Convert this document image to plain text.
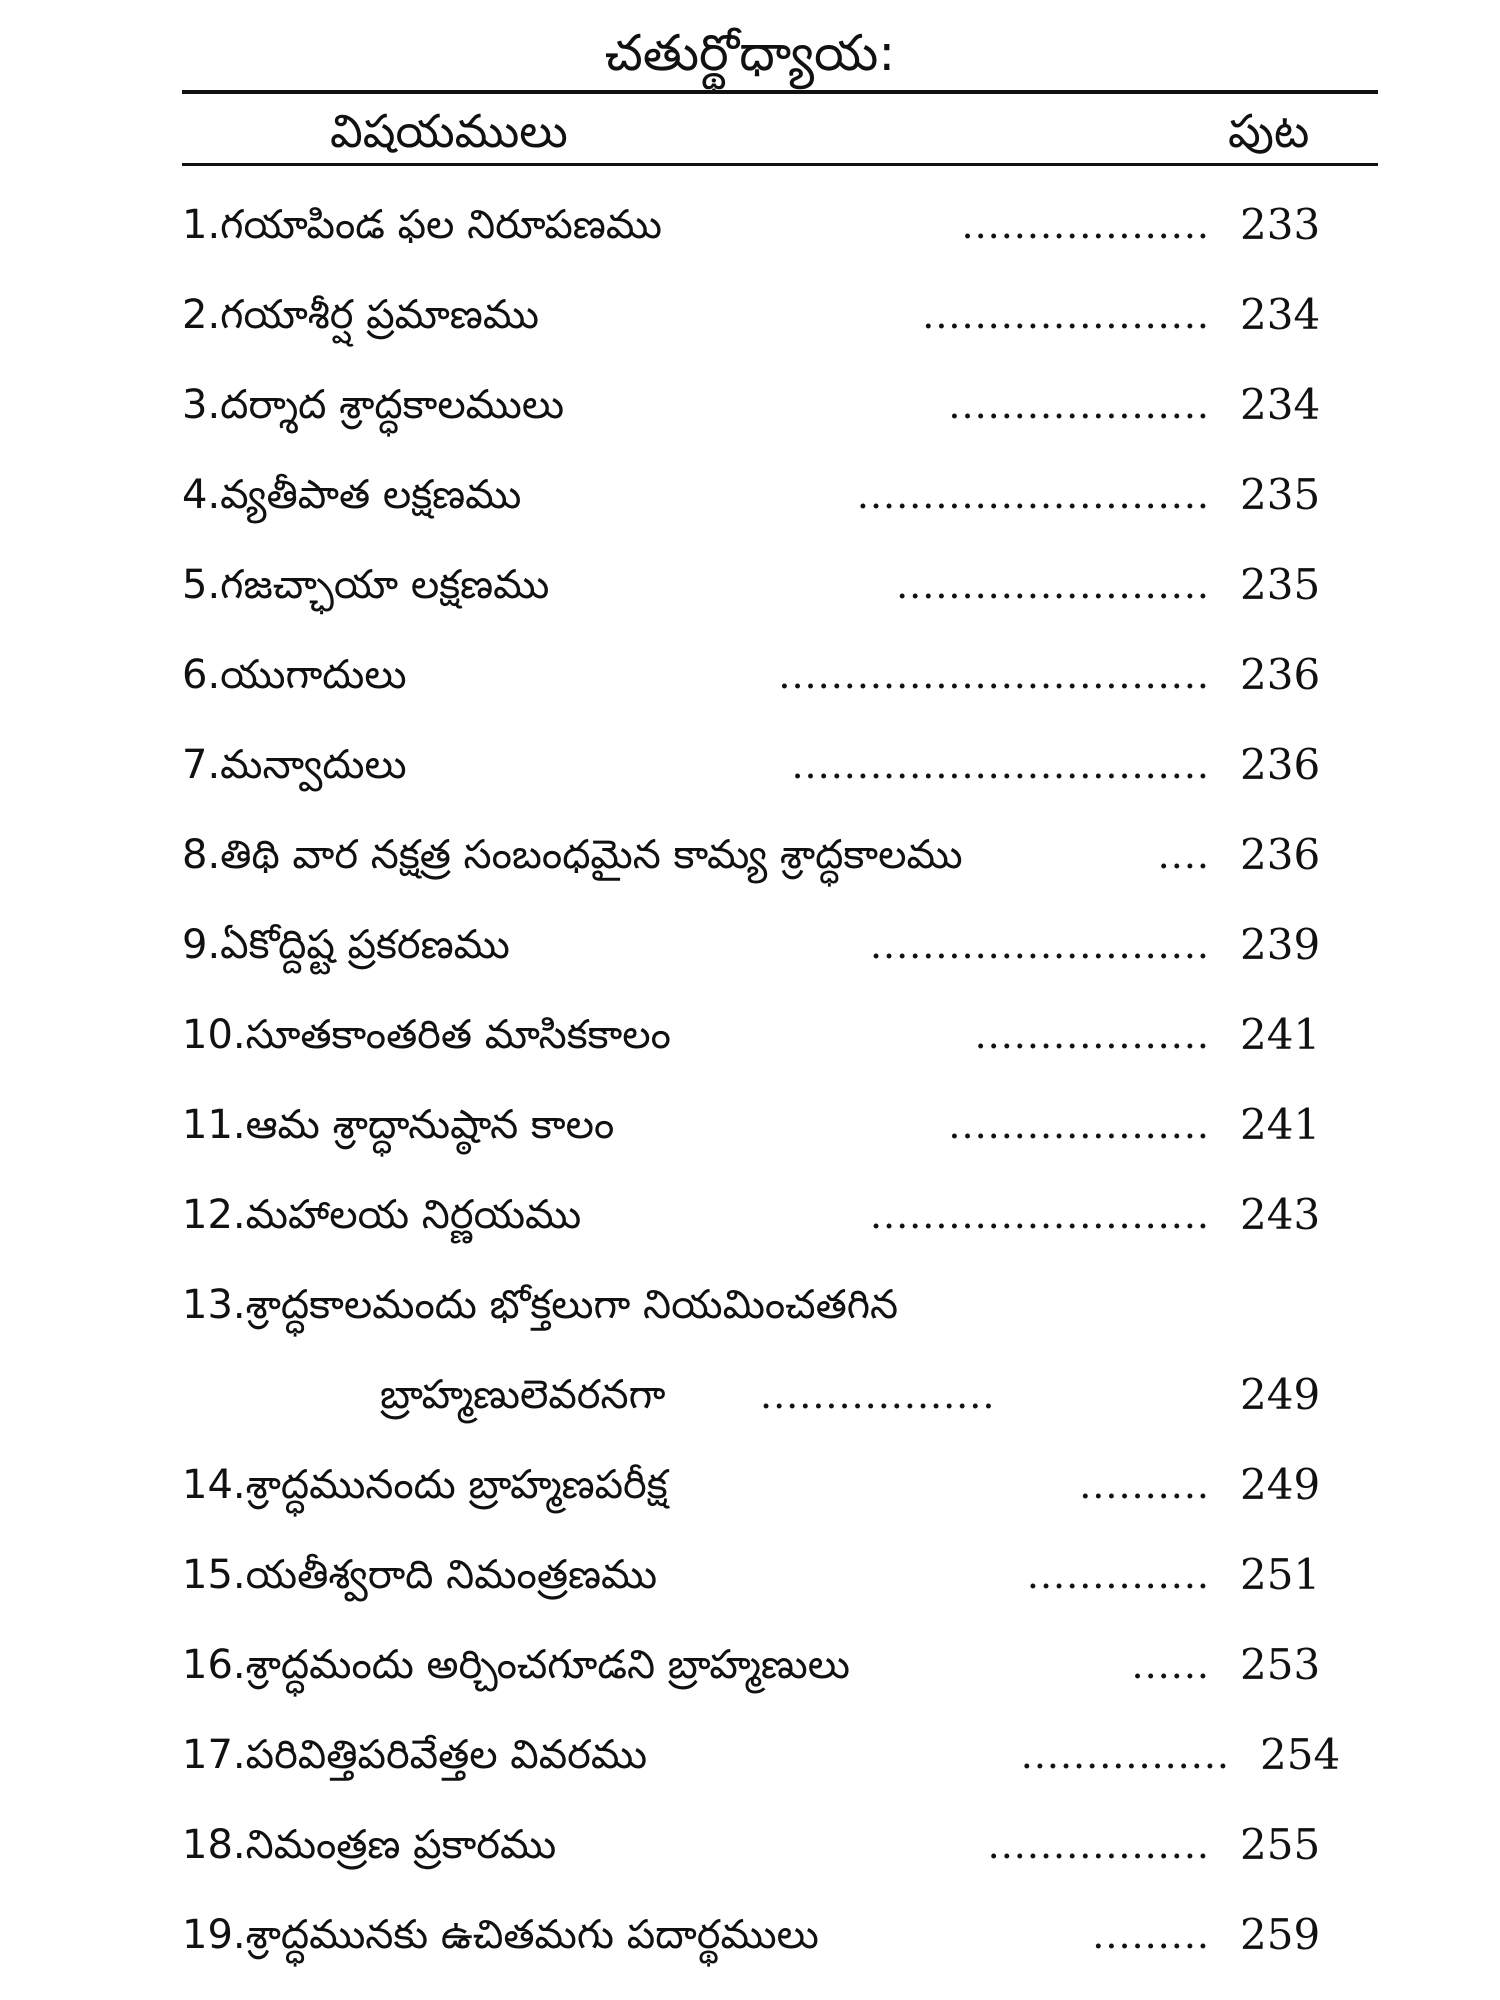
చతుర్థోధ్యాయ:
విషయములు	పుట
1.గయాపిండ ఫల నిరూపణము	................... 233
2.గయాశీర్ష ప్రమాణము	...................... 234
3.దర్శాద శ్రాద్ధకాలములు	.................... 234
4.వ్యతీపాత లక్షణము	........................... 235
5.గజచ్ఛాయా లక్షణము	........................ 235
6.యుగాదులు	................................. 236
7.మన్వాదులు	................................ 236
8.తిథి వార నక్షత్ర సంబంధమైన కామ్య శ్రాద్ధకాలము	.... 236
9.ఏకోద్దిష్ట ప్రకరణము	.......................... 239
10.సూతకాంతరిత మాసికకాలం	.................. 241
11.ఆమ శ్రాద్ధానుష్ఠాన కాలం	.................... 241
12.మహాలయ నిర్ణయము	.......................... 243
13.శ్రాద్ధకాలమందు భోక్తలుగా నియమించతగిన
బ్రాహ్మణులెవరనగా ..................	249
14.శ్రాద్ధమునందు బ్రాహ్మణపరీక్ష	.......... 249
15.యతీశ్వరాది నిమంత్రణము	.............. 251
16.శ్రాద్ధమందు అర్చించగూడని బ్రాహ్మణులు	...... 253
17.పరివిత్తిపరివేత్తల వివరము	................ 254
18.నిమంత్రణ ప్రకారము	................. 255
19.శ్రాద్ధమునకు ఉచితమగు పదార్థములు	......... 259
